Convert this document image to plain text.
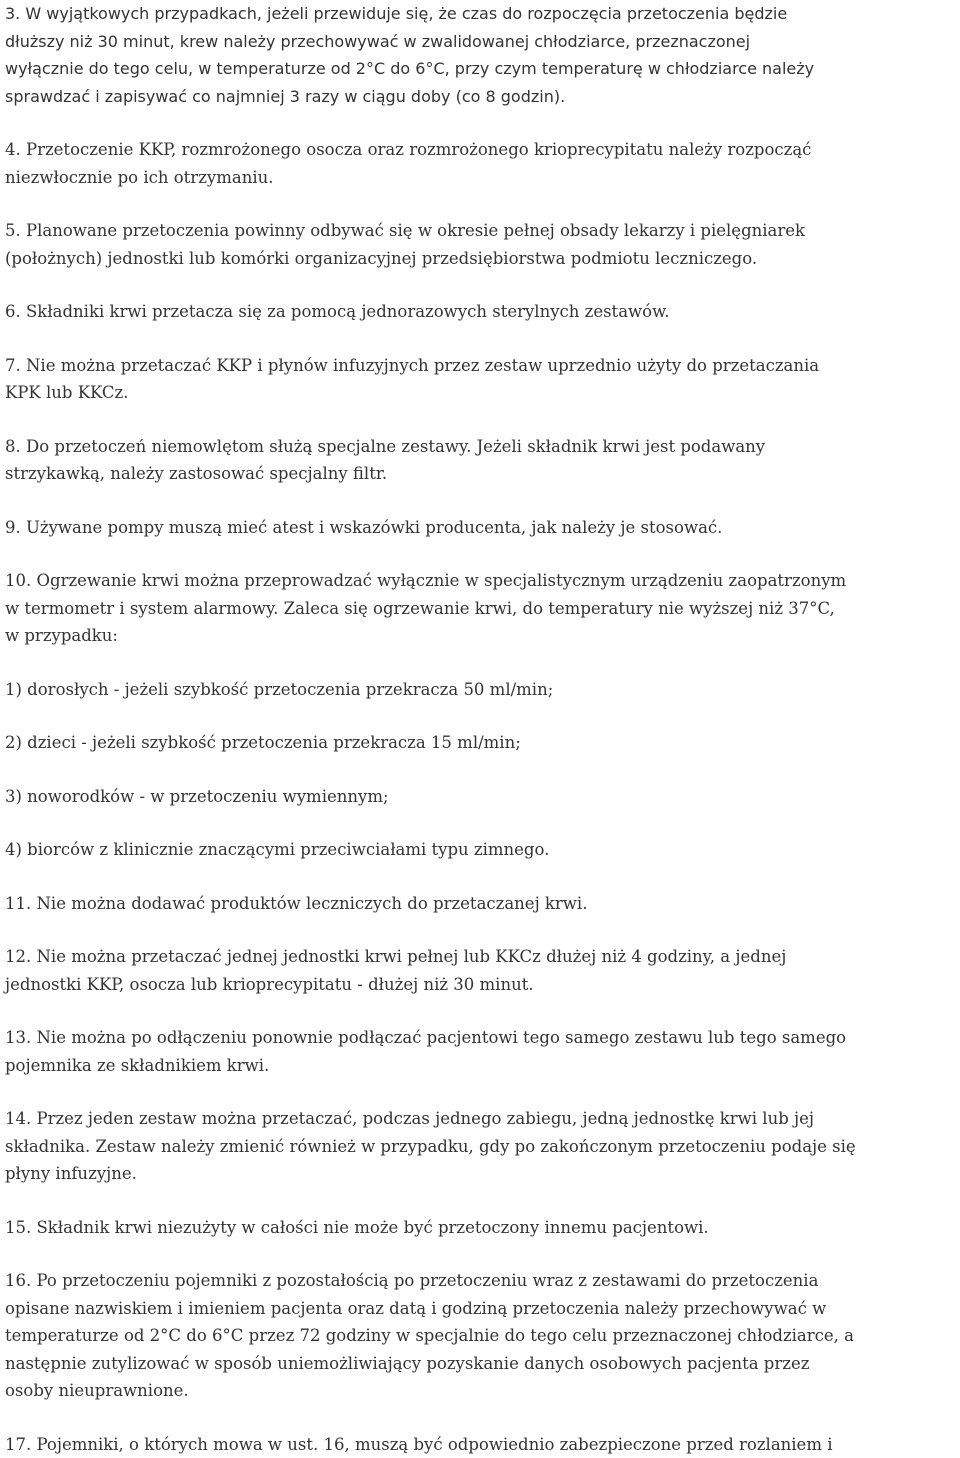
3. W wyjątkowych przypadkach, jeżeli przewiduje się, że czas do rozpoczęcia przetoczenia będzie
dłuższy niż 30 minut, krew należy przechowywać w zwalidowanej chłodziarce, przeznaczonej
wyłącznie do tego celu, w temperaturze od 2°C do 6°C, przy czym temperaturę w chłodziarce należy
sprawdzać i zapisywać co najmniej 3 razy w ciągu doby (co 8 godzin).

4. Przetoczenie KKP, rozmrożonego osocza oraz rozmrożonego krioprecypitatu należy rozpocząć
niezwłocznie po ich otrzymaniu.

5. Planowane przetoczenia powinny odbywać się w okresie pełnej obsady lekarzy i pielęgniarek
(położnych) jednostki lub komórki organizacyjnej przedsiębiorstwa podmiotu leczniczego.

6. Składniki krwi przetacza się za pomocą jednorazowych sterylnych zestawów.

7. Nie można przetaczać KKP i płynów infuzyjnych przez zestaw uprzednio użyty do przetaczania
KPK lub KKCz.

8. Do przetoczeń niemowlętom służą specjalne zestawy. Jeżeli składnik krwi jest podawany
strzykawką, należy zastosować specjalny filtr.

9. Używane pompy muszą mieć atest i wskazówki producenta, jak należy je stosować.

10. Ogrzewanie krwi można przeprowadzać wyłącznie w specjalistycznym urządzeniu zaopatrzonym
w termometr i system alarmowy. Zaleca się ogrzewanie krwi, do temperatury nie wyższej niż 37°C,
w przypadku:

1) dorosłych - jeżeli szybkość przetoczenia przekracza 50 ml/min;

2) dzieci - jeżeli szybkość przetoczenia przekracza 15 ml/min;

3) noworodków - w przetoczeniu wymiennym;

4) biorców z klinicznie znaczącymi przeciwciałami typu zimnego.

11. Nie można dodawać produktów leczniczych do przetaczanej krwi.

12. Nie można przetaczać jednej jednostki krwi pełnej lub KKCz dłużej niż 4 godziny, a jednej
jednostki KKP, osocza lub krioprecypitatu - dłużej niż 30 minut.

13. Nie można po odłączeniu ponownie podłączać pacjentowi tego samego zestawu lub tego samego
pojemnika ze składnikiem krwi.

14. Przez jeden zestaw można przetaczać, podczas jednego zabiegu, jedną jednostkę krwi lub jej
składnika. Zestaw należy zmienić również w przypadku, gdy po zakończonym przetoczeniu podaje się
płyny infuzyjne.

15. Składnik krwi niezużyty w całości nie może być przetoczony innemu pacjentowi.

16. Po przetoczeniu pojemniki z pozostałością po przetoczeniu wraz z zestawami do przetoczenia
opisane nazwiskiem i imieniem pacjenta oraz datą i godziną przetoczenia należy przechowywać w
temperaturze od 2°C do 6°C przez 72 godziny w specjalnie do tego celu przeznaczonej chłodziarce, a
następnie zutylizować w sposób uniemożliwiający pozyskanie danych osobowych pacjenta przez
osoby nieuprawnione.

17. Pojemniki, o których mowa w ust. 16, muszą być odpowiednio zabezpieczone przed rozlaniem i
